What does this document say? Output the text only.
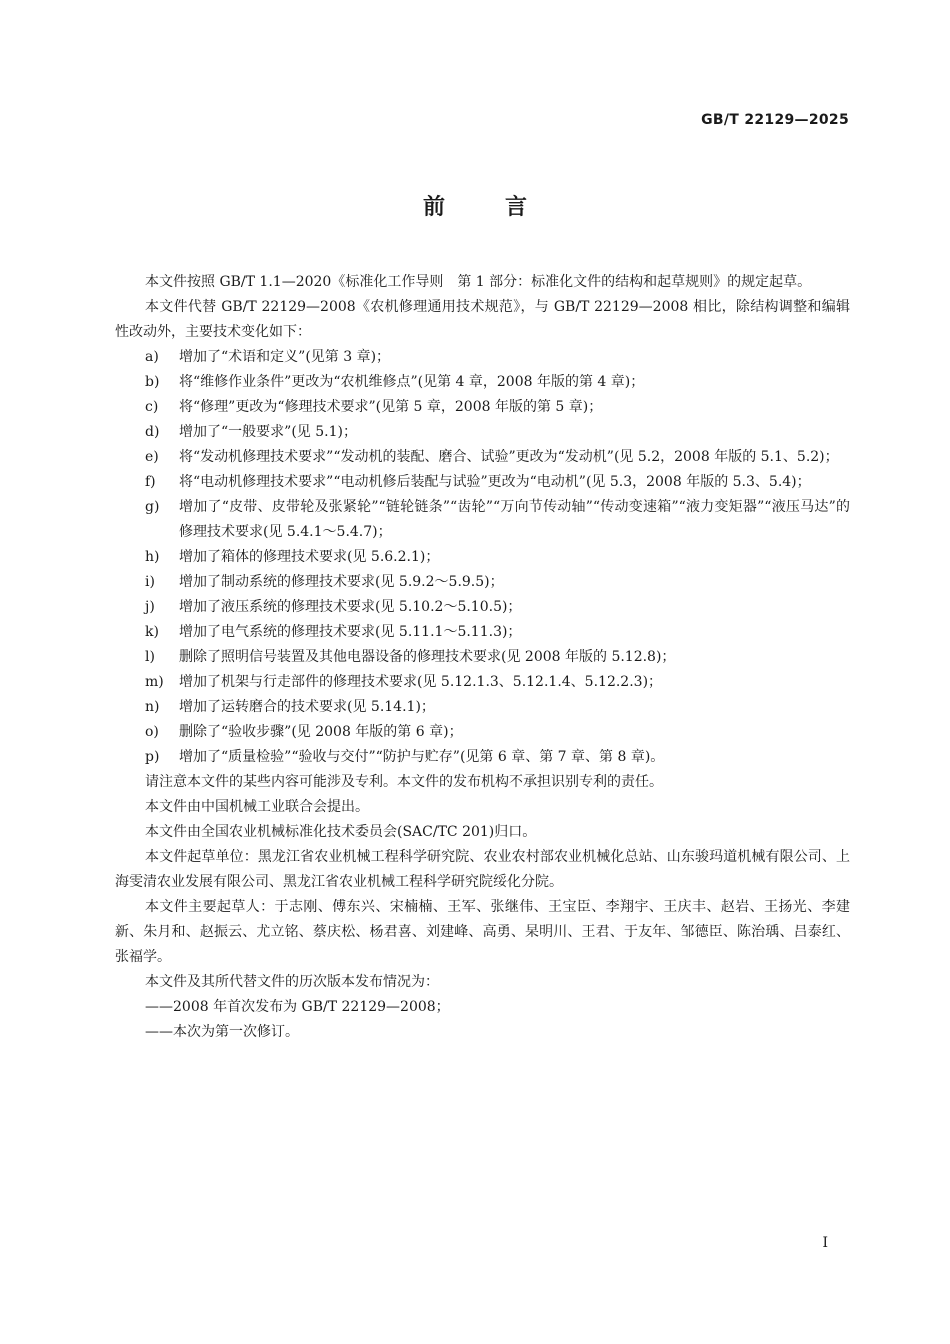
GB/T 22129—2025
前言

本文件按照 GB/T 1.1—2020《标准化工作导则　第 1 部分：标准化文件的结构和起草规则》的规定起草。

本文件代替 GB/T 22129—2008《农机修理通用技术规范》，与 GB/T 22129—2008 相比，除结构调整和编辑性改动外，主要技术变化如下：

a)	增加了“术语和定义”(见第 3 章)；
b)	将“维修作业条件”更改为“农机维修点”(见第 4 章，2008 年版的第 4 章)；
c)	将“修理”更改为“修理技术要求”(见第 5 章，2008 年版的第 5 章)；
d)	增加了“一般要求”(见 5.1)；
e)	将“发动机修理技术要求”“发动机的装配、磨合、试验”更改为“发动机”(见 5.2，2008 年版的 5.1、5.2)；
f)	将“电动机修理技术要求”“电动机修后装配与试验”更改为“电动机”(见 5.3，2008 年版的 5.3、5.4)；
g)	增加了“皮带、皮带轮及张紧轮”“链轮链条”“齿轮”“万向节传动轴”“传动变速箱”“液力变矩器”“液压马达”的修理技术要求(见 5.4.1～5.4.7)；
h)	增加了箱体的修理技术要求(见 5.6.2.1)；
i)	增加了制动系统的修理技术要求(见 5.9.2～5.9.5)；
j)	增加了液压系统的修理技术要求(见 5.10.2～5.10.5)；
k)	增加了电气系统的修理技术要求(见 5.11.1～5.11.3)；
l)	删除了照明信号装置及其他电器设备的修理技术要求(见 2008 年版的 5.12.8)；
m)	增加了机架与行走部件的修理技术要求(见 5.12.1.3、5.12.1.4、5.12.2.3)；
n)	增加了运转磨合的技术要求(见 5.14.1)；
o)	删除了“验收步骤”(见 2008 年版的第 6 章)；
p)	增加了“质量检验”“验收与交付”“防护与贮存”(见第 6 章、第 7 章、第 8 章)。

请注意本文件的某些内容可能涉及专利。本文件的发布机构不承担识别专利的责任。

本文件由中国机械工业联合会提出。

本文件由全国农业机械标准化技术委员会(SAC/TC 201)归口。

本文件起草单位：黑龙江省农业机械工程科学研究院、农业农村部农业机械化总站、山东骏玛道机械有限公司、上海雯清农业发展有限公司、黑龙江省农业机械工程科学研究院绥化分院。

本文件主要起草人：于志刚、傅东兴、宋楠楠、王军、张继伟、王宝臣、李翔宇、王庆丰、赵岩、王扬光、李建新、朱月和、赵振云、尤立铭、蔡庆松、杨君喜、刘建峰、高勇、杲明川、王君、于友年、邹德臣、陈治瑀、吕泰红、张福学。

本文件及其所代替文件的历次版本发布情况为：

——2008 年首次发布为 GB/T 22129—2008；

——本次为第一次修订。

I
